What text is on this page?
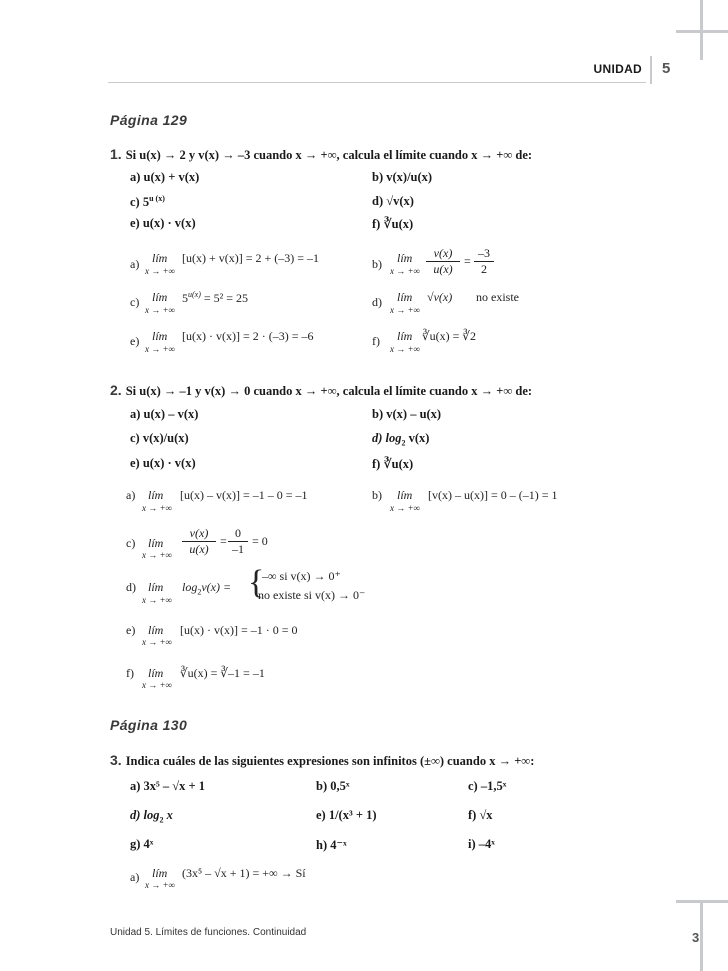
UNIDAD 5
Página 129
1. Si u(x) → 2 y v(x) → –3 cuando x → +∞, calcula el límite cuando x → +∞ de:
a) u(x) + v(x)	b) v(x)/u(x)
c) $5^{u (x)}$	d) √v(x)
e) u(x) · v(x)	f) ∛u(x)
a) lím
x → +∞
[u(x) + v(x)] = 2 + (–3) = –1	b) lím
x → +∞
v(x)
u(x)
=
–3
2
c) lím
x → +∞
$5^{u(x)} = 5^2 = 25$	d) lím
x → +∞
√v(x) no existe
e) lím
x → +∞
[u(x) · v(x)] = 2 · (–3) = –6	f) lím
x → +∞
∛u(x) = ∛2
2. Si u(x) → –1 y v(x) → 0 cuando x → +∞, calcula el límite cuando x → +∞ de:
a) u(x) – v(x)	b) v(x) – u(x)
c) v(x)/u(x)	d) $\log_2 v(x)$
e) u(x) · v(x)	f) ∛u(x)
a) lím
x → +∞
[u(x) – v(x)] = –1 – 0 = –1	b) lím
x → +∞
[v(x) – u(x)] = 0 – (–1) = 1
c) lím
x → +∞
v(x)
u(x)
=
0
–1
= 0
d) lím
x → +∞
$\log_2v(x)$ = {
–∞ si v(x) → 0⁺
no existe si v(x) → 0⁻
e) lím
x → +∞
[u(x) · v(x)] = –1 · 0 = 0
f) lím
x → +∞
∛u(x) = ∛–1 = –1
Página 130
3. Indica cuáles de las siguientes expresiones son infinitos (±∞) cuando x → +∞:
a) 3x⁵ – √x + 1	b) 0,5ˣ	c) –1,5ˣ
d) $\log_2 x$	e) 1/(x³ + 1)	f) √x
g) 4ˣ	h) 4⁻ˣ	i) –4ˣ
a) lím
x → +∞
(3x⁵ – √x + 1) = +∞ → Sí
Unidad 5. Límites de funciones. Continuidad	3
